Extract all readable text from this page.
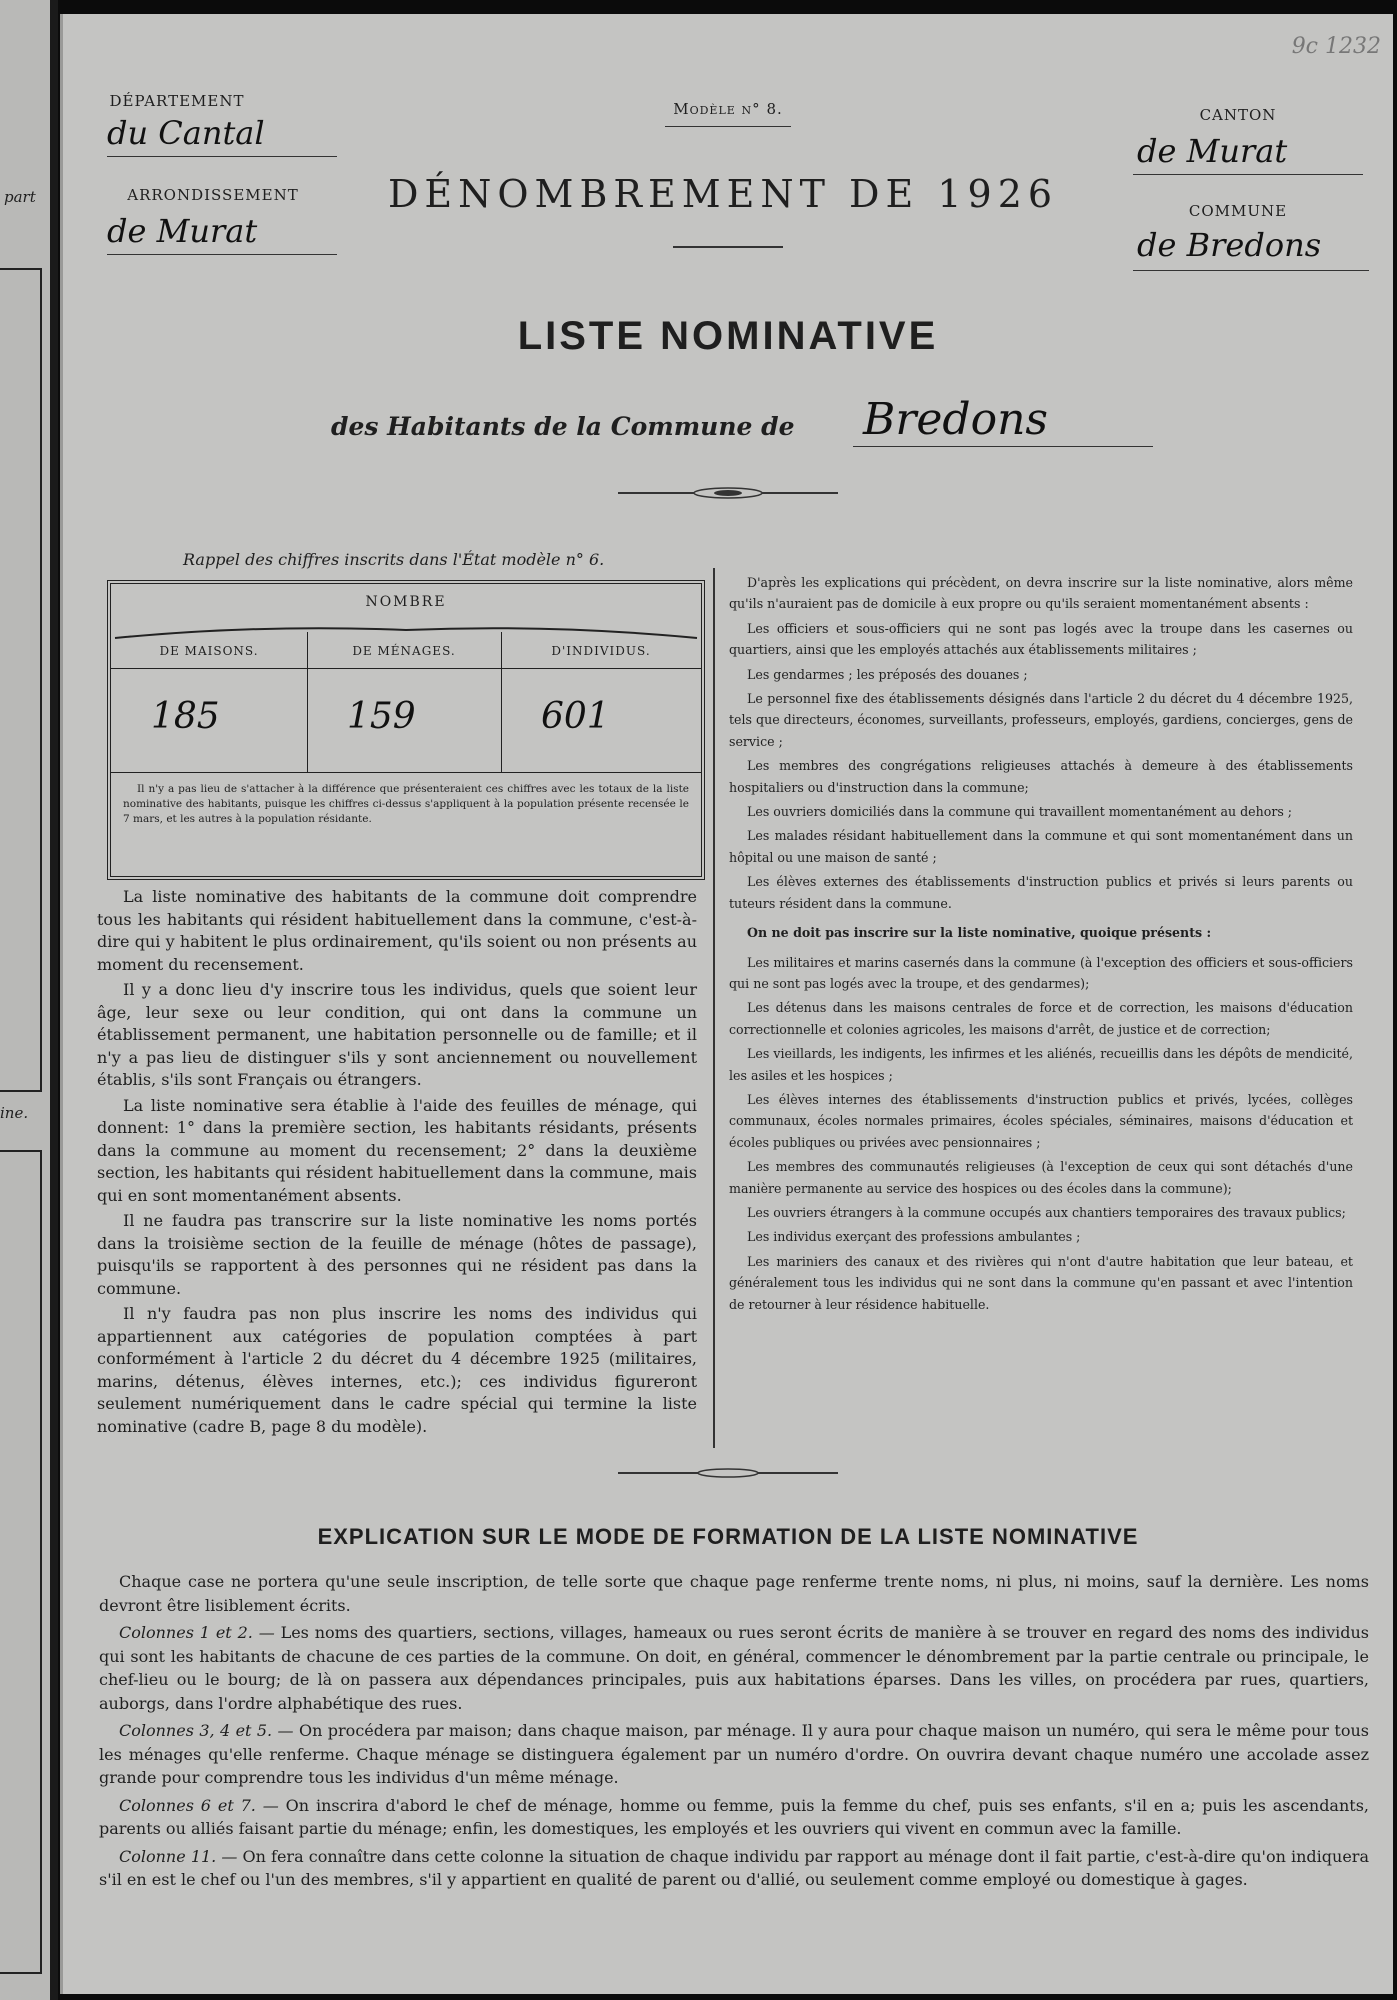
part
ine.
9c 1232
DÉPARTEMENT
du Cantal
ARRONDISSEMENT
de Murat
Modèle n° 8.	CANTON
de Murat
COMMUNE
de Bredons
DÉNOMBREMENT DE 1926
LISTE NOMINATIVE
des Habitants de la Commune de Bredons
Rappel des chiffres inscrits dans l'État modèle n° 6.
NOMBRE
DE MAISONS.	DE MÉNAGES.	D'INDIVIDUS.
185	159	601
Il n'y a pas lieu de s'attacher à la différence que présenteraient ces chiffres avec les totaux de la liste nominative des habitants, puisque les chiffres ci-dessus s'appliquent à la population présente recensée le 7 mars, et les autres à la population résidante.

La liste nominative des habitants de la commune doit comprendre tous les habitants qui résident habituellement dans la commune, c'est-à-dire qui y habitent le plus ordinairement, qu'ils soient ou non présents au moment du recensement.

Il y a donc lieu d'y inscrire tous les individus, quels que soient leur âge, leur sexe ou leur condition, qui ont dans la commune un établissement permanent, une habitation personnelle ou de famille; et il n'y a pas lieu de distinguer s'ils y sont anciennement ou nouvellement établis, s'ils sont Français ou étrangers.

La liste nominative sera établie à l'aide des feuilles de ménage, qui donnent: 1° dans la première section, les habitants résidants, présents dans la commune au moment du recensement; 2° dans la deuxième section, les habitants qui résident habituellement dans la commune, mais qui en sont momentanément absents.

Il ne faudra pas transcrire sur la liste nominative les noms portés dans la troisième section de la feuille de ménage (hôtes de passage), puisqu'ils se rapportent à des personnes qui ne résident pas dans la commune.

Il n'y faudra pas non plus inscrire les noms des individus qui appartiennent aux catégories de population comptées à part conformément à l'article 2 du décret du 4 décembre 1925 (militaires, marins, détenus, élèves internes, etc.); ces individus figureront seulement numériquement dans le cadre spécial qui termine la liste nominative (cadre B, page 8 du modèle).

D'après les explications qui précèdent, on devra inscrire sur la liste nominative, alors même qu'ils n'auraient pas de domicile à eux propre ou qu'ils seraient momentanément absents :

Les officiers et sous-officiers qui ne sont pas logés avec la troupe dans les casernes ou quartiers, ainsi que les employés attachés aux établissements militaires ;

Les gendarmes ; les préposés des douanes ;

Le personnel fixe des établissements désignés dans l'article 2 du décret du 4 décembre 1925, tels que directeurs, économes, surveillants, professeurs, employés, gardiens, concierges, gens de service ;

Les membres des congrégations religieuses attachés à demeure à des établissements hospitaliers ou d'instruction dans la commune;

Les ouvriers domiciliés dans la commune qui travaillent momentanément au dehors ;

Les malades résidant habituellement dans la commune et qui sont momentanément dans un hôpital ou une maison de santé ;

Les élèves externes des établissements d'instruction publics et privés si leurs parents ou tuteurs résident dans la commune.

On ne doit pas inscrire sur la liste nominative, quoique présents :

Les militaires et marins casernés dans la commune (à l'exception des officiers et sous-officiers qui ne sont pas logés avec la troupe, et des gendarmes);

Les détenus dans les maisons centrales de force et de correction, les maisons d'éducation correctionnelle et colonies agricoles, les maisons d'arrêt, de justice et de correction;

Les vieillards, les indigents, les infirmes et les aliénés, recueillis dans les dépôts de mendicité, les asiles et les hospices ;

Les élèves internes des établissements d'instruction publics et privés, lycées, collèges communaux, écoles normales primaires, écoles spéciales, séminaires, maisons d'éducation et écoles publiques ou privées avec pensionnaires ;

Les membres des communautés religieuses (à l'exception de ceux qui sont détachés d'une manière permanente au service des hospices ou des écoles dans la commune);

Les ouvriers étrangers à la commune occupés aux chantiers temporaires des travaux publics;

Les individus exerçant des professions ambulantes ;

Les mariniers des canaux et des rivières qui n'ont d'autre habitation que leur bateau, et généralement tous les individus qui ne sont dans la commune qu'en passant et avec l'intention de retourner à leur résidence habituelle.

EXPLICATION SUR LE MODE DE FORMATION DE LA LISTE NOMINATIVE

Chaque case ne portera qu'une seule inscription, de telle sorte que chaque page renferme trente noms, ni plus, ni moins, sauf la dernière. Les noms devront être lisiblement écrits.

Colonnes 1 et 2. — Les noms des quartiers, sections, villages, hameaux ou rues seront écrits de manière à se trouver en regard des noms des individus qui sont les habitants de chacune de ces parties de la commune. On doit, en général, commencer le dénombrement par la partie centrale ou principale, le chef-lieu ou le bourg; de là on passera aux dépendances principales, puis aux habitations éparses. Dans les villes, on procédera par rues, quartiers, auborgs, dans l'ordre alphabétique des rues.

Colonnes 3, 4 et 5. — On procédera par maison; dans chaque maison, par ménage. Il y aura pour chaque maison un numéro, qui sera le même pour tous les ménages qu'elle renferme. Chaque ménage se distinguera également par un numéro d'ordre. On ouvrira devant chaque numéro une accolade assez grande pour comprendre tous les individus d'un même ménage.

Colonnes 6 et 7. — On inscrira d'abord le chef de ménage, homme ou femme, puis la femme du chef, puis ses enfants, s'il en a; puis les ascendants, parents ou alliés faisant partie du ménage; enfin, les domestiques, les employés et les ouvriers qui vivent en commun avec la famille.

Colonne 11. — On fera connaître dans cette colonne la situation de chaque individu par rapport au ménage dont il fait partie, c'est-à-dire qu'on indiquera s'il en est le chef ou l'un des membres, s'il y appartient en qualité de parent ou d'allié, ou seulement comme employé ou domestique à gages.
